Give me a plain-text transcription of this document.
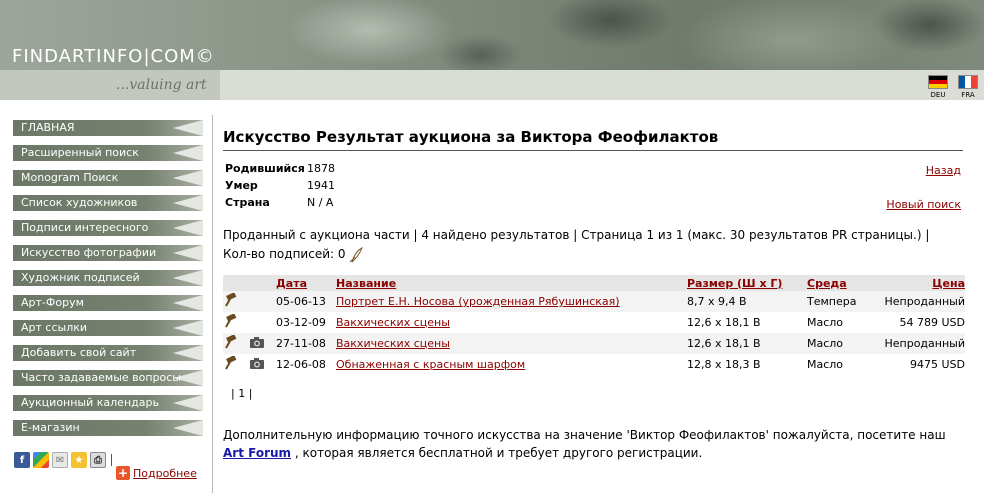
FINDARTINFO|COM©
...valuing art
DEU FRA
ГЛАВНАЯ
Расширенный поиск
Monogram Поиск
Список художников
Подписи интересного
Искусство фотографии
Художник подписей
Арт-Форум
Арт ссылки
Добавить свой сайт
Часто задаваемые вопросы
Аукционный календарь
E-магазин
f	✉	★	⎙
+ Подробнее
Искусство Результат аукциона за Виктора Феофилактов
Родившийся 1878
Умер	1941
Страна	N / A
Назад
Новый поиск
Проданный с аукциона части | 4 найдено результатов | Страница 1 из 1 (макс. 30 результатов PR страницы.) |
Кол-во подписей: 0
		Дата	Название	Размер (Ш x Г)	Среда	Цена
		05-06-13	Портрет Е.Н. Носова (урожденная Рябушинская)	8,7 x 9,4 B	Темпера	Непроданный
		03-12-09	Вакхических сцены	12,6 x 18,1 B	Масло	54 789 USD
		27-11-08	Вакхических сцены	12,6 x 18,1 B	Масло	Непроданный
		12-06-08	Обнаженная с красным шарфом	12,8 x 18,3 B	Масло	9475 USD
| 1 |
Дополнительную информацию точного искусства на значение 'Виктор Феофилактов' пожалуйста, посетите наш Art Forum , которая является бесплатной и требует другого регистрации.
